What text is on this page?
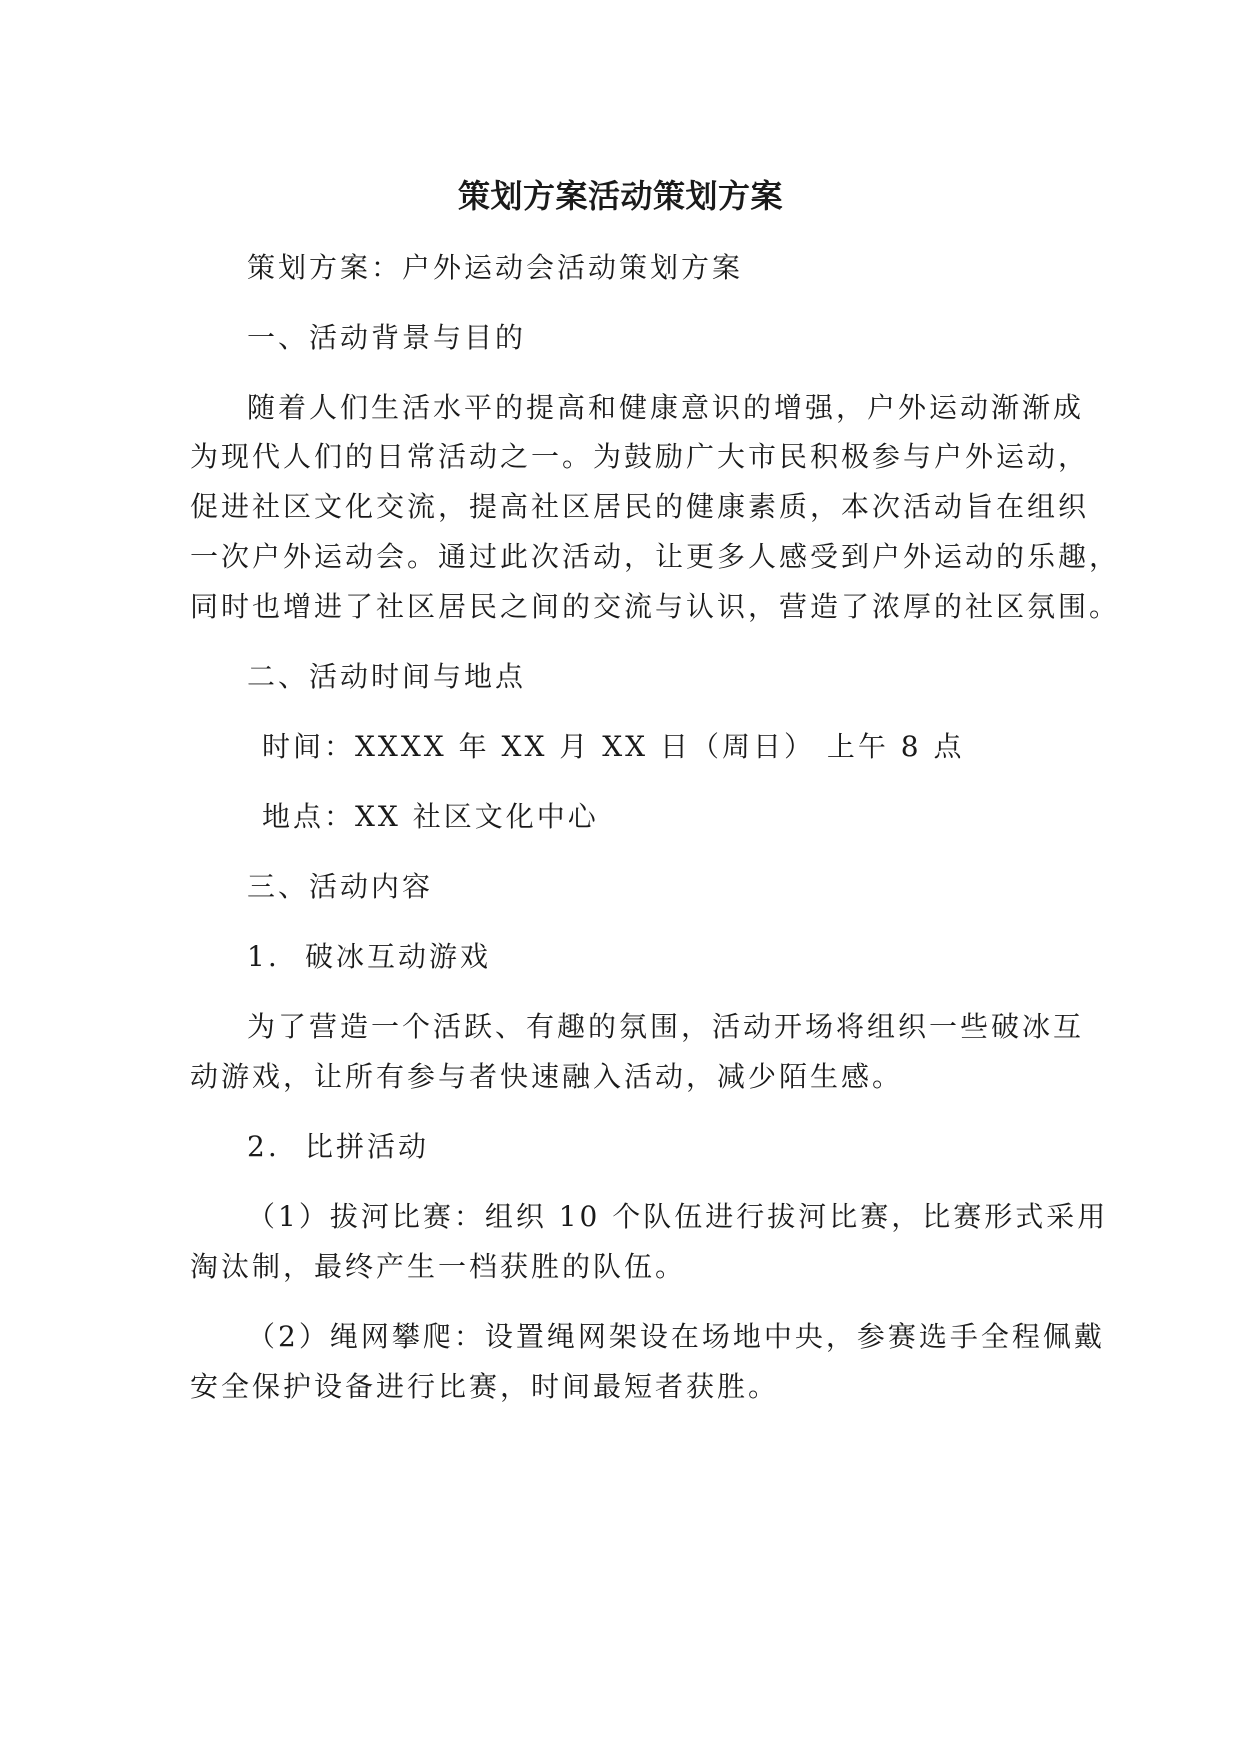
策划方案活动策划方案
策划方案：户外运动会活动策划方案
一、活动背景与目的
随着人们生活水平的提高和健康意识的增强，户外运动渐渐成
为现代人们的日常活动之一。为鼓励广大市民积极参与户外运动，
促进社区文化交流，提高社区居民的健康素质，本次活动旨在组织
一次户外运动会。通过此次活动，让更多人感受到户外运动的乐趣，
同时也增进了社区居民之间的交流与认识，营造了浓厚的社区氛围。
二、活动时间与地点
时间：XXXX 年 XX 月 XX 日（周日） 上午 8 点
地点：XX 社区文化中心
三、活动内容
1. 破冰互动游戏
为了营造一个活跃、有趣的氛围，活动开场将组织一些破冰互
动游戏，让所有参与者快速融入活动，减少陌生感。
2. 比拼活动
（1）拔河比赛：组织 10 个队伍进行拔河比赛，比赛形式采用
淘汰制，最终产生一档获胜的队伍。
（2）绳网攀爬：设置绳网架设在场地中央，参赛选手全程佩戴
安全保护设备进行比赛，时间最短者获胜。
